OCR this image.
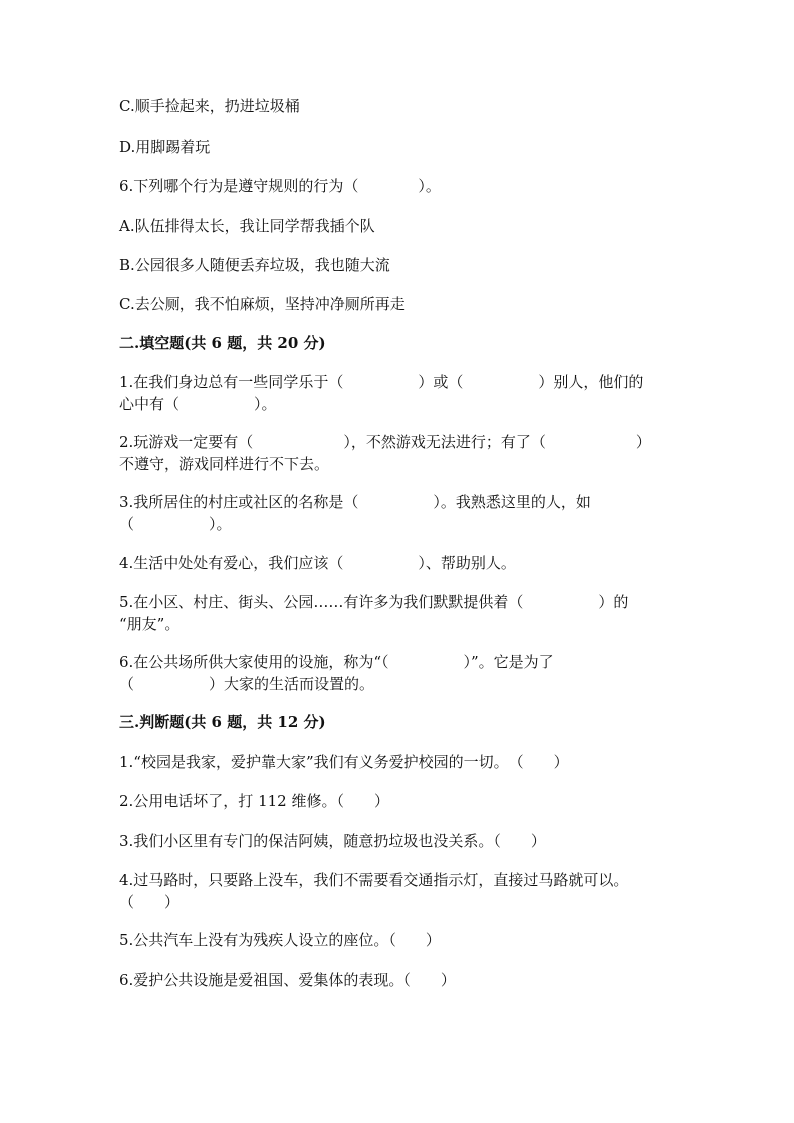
C.顺手捡起来，扔进垃圾桶
D.用脚踢着玩
6.下列哪个行为是遵守规则的行为（　　　　）。
A.队伍排得太长，我让同学帮我插个队
B.公园很多人随便丢弃垃圾，我也随大流
C.去公厕，我不怕麻烦，坚持冲净厕所再走
二.填空题(共 6 题，共 20 分)
1.在我们身边总有一些同学乐于（　　　　　）或（　　　　　）别人，他们的
心中有（　　　　　）。
2.玩游戏一定要有（　　　　　　），不然游戏无法进行；有了（　　　　　　）
不遵守，游戏同样进行不下去。
3.我所居住的村庄或社区的名称是（　　　　　）。我熟悉这里的人，如
（　　　　　）。
4.生活中处处有爱心，我们应该（　　　　　）、帮助别人。
5.在小区、村庄、街头、公园……有许多为我们默默提供着（　　　　　）的
“朋友”。
6.在公共场所供大家使用的设施，称为“（　　　　　）”。它是为了
（　　　　　）大家的生活而设置的。
三.判断题(共 6 题，共 12 分)
1.“校园是我家，爱护靠大家”我们有义务爱护校园的一切。　（　　）
2.公用电话坏了，打 112 维修。（　　）
3.我们小区里有专门的保洁阿姨，随意扔垃圾也没关系。（　　）
4.过马路时，只要路上没车，我们不需要看交通指示灯，直接过马路就可以。
（　　）
5.公共汽车上没有为残疾人设立的座位。（　　）
6.爱护公共设施是爱祖国、爱集体的表现。（　　）
